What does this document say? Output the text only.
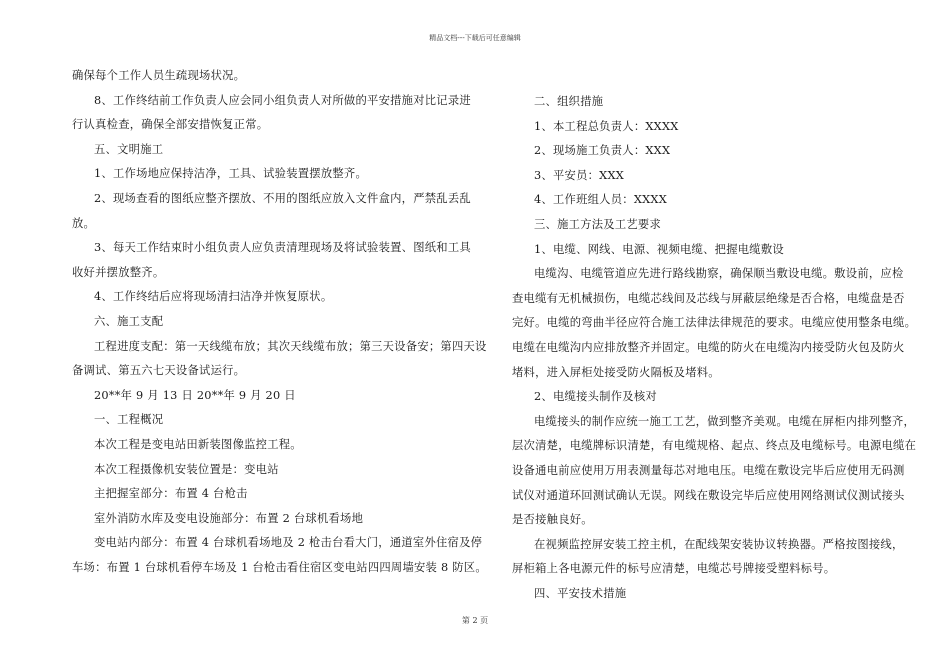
精品文档---下载后可任意编辑
确保每个工作人员生疏现场状况。
8、工作终结前工作负责人应会同小组负责人对所做的平安措施对比记录进
行认真检查，确保全部安措恢复正常。
五、文明施工
1、工作场地应保持洁净，工具、试验装置摆放整齐。
2、现场查看的图纸应整齐摆放、不用的图纸应放入文件盒内，严禁乱丢乱
放。
3、每天工作结束时小组负责人应负责清理现场及将试验装置、图纸和工具
收好并摆放整齐。
4、工作终结后应将现场清扫洁净并恢复原状。
六、施工支配
工程进度支配：第一天线缆布放；其次天线缆布放；第三天设备安；第四天设
备调试、第五六七天设备试运行。
20**年 9 月 13 日 20**年 9 月 20 日
一、工程概况
本次工程是变电站田新装图像监控工程。
本次工程摄像机安装位置是：变电站
主把握室部分：布置 4 台枪击
室外消防水库及变电设施部分：布置 2 台球机看场地
变电站内部分：布置 4 台球机看场地及 2 枪击台看大门，通道室外住宿及停
车场：布置 1 台球机看停车场及 1 台枪击看住宿区变电站四四周墙安装 8 防区。
二、组织措施
1、本工程总负责人：XXXX
2、现场施工负责人：XXX
3、平安员：XXX
4、工作班组人员：XXXX
三、施工方法及工艺要求
1、电缆、网线、电源、视频电缆、把握电缆敷设
电缆沟、电缆管道应先进行路线勘察，确保顺当敷设电缆。敷设前，应检
查电缆有无机械损伤，电缆芯线间及芯线与屏蔽层绝缘是否合格，电缆盘是否
完好。电缆的弯曲半径应符合施工法律法律规范的要求。电缆应使用整条电缆。
电缆在电缆沟内应排放整齐并固定。电缆的防火在电缆沟内接受防火包及防火
堵料，进入屏柜处接受防火隔板及堵料。
2、电缆接头制作及核对
电缆接头的制作应统一施工工艺，做到整齐美观。电缆在屏柜内排列整齐，
层次清楚，电缆牌标识清楚，有电缆规格、起点、终点及电缆标号。电源电缆在
设备通电前应使用万用表测量每芯对地电压。电缆在敷设完毕后应使用无码测
试仪对通道环回测试确认无误。网线在敷设完毕后应使用网络测试仪测试接头
是否接触良好。
在视频监控屏安装工控主机，在配线架安装协议转换器。严格按图接线，
屏柜箱上各电源元件的标号应清楚，电缆芯号牌接受塑料标号。
四、平安技术措施
第 2 页
